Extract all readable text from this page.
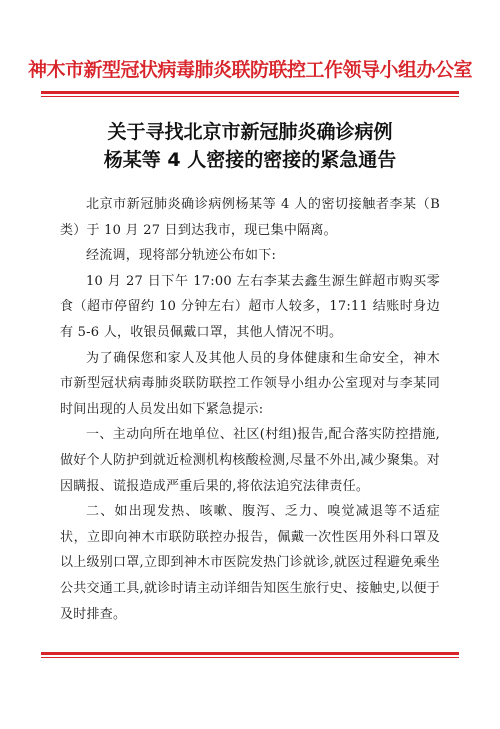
神木市新型冠状病毒肺炎联防联控工作领导小组办公室
关于寻找北京市新冠肺炎确诊病例
杨某等 4 人密接的密接的紧急通告

北京市新冠肺炎确诊病例杨某等 4 人的密切接触者李某（B 类）于 10 月 27 日到达我市，现已集中隔离。

经流调，现将部分轨迹公布如下:

10 月 27 日下午 17:00 左右李某去鑫生源生鲜超市购买零食（超市停留约 10 分钟左右）超市人较多，17:11 结账时身边有 5-6 人，收银员佩戴口罩，其他人情况不明。

为了确保您和家人及其他人员的身体健康和生命安全，神木市新型冠状病毒肺炎联防联控工作领导小组办公室现对与李某同时间出现的人员发出如下紧急提示:

一、主动向所在地单位、社区(村组)报告,配合落实防控措施,做好个人防护到就近检测机构核酸检测,尽量不外出,减少聚集。对因瞒报、谎报造成严重后果的,将依法追究法律责任。

二、如出现发热、咳嗽、腹泻、乏力、嗅觉减退等不适症状，立即向神木市联防联控办报告，佩戴一次性医用外科口罩及以上级别口罩,立即到神木市医院发热门诊就诊,就医过程避免乘坐公共交通工具,就诊时请主动详细告知医生旅行史、接触史,以便于及时排查。
